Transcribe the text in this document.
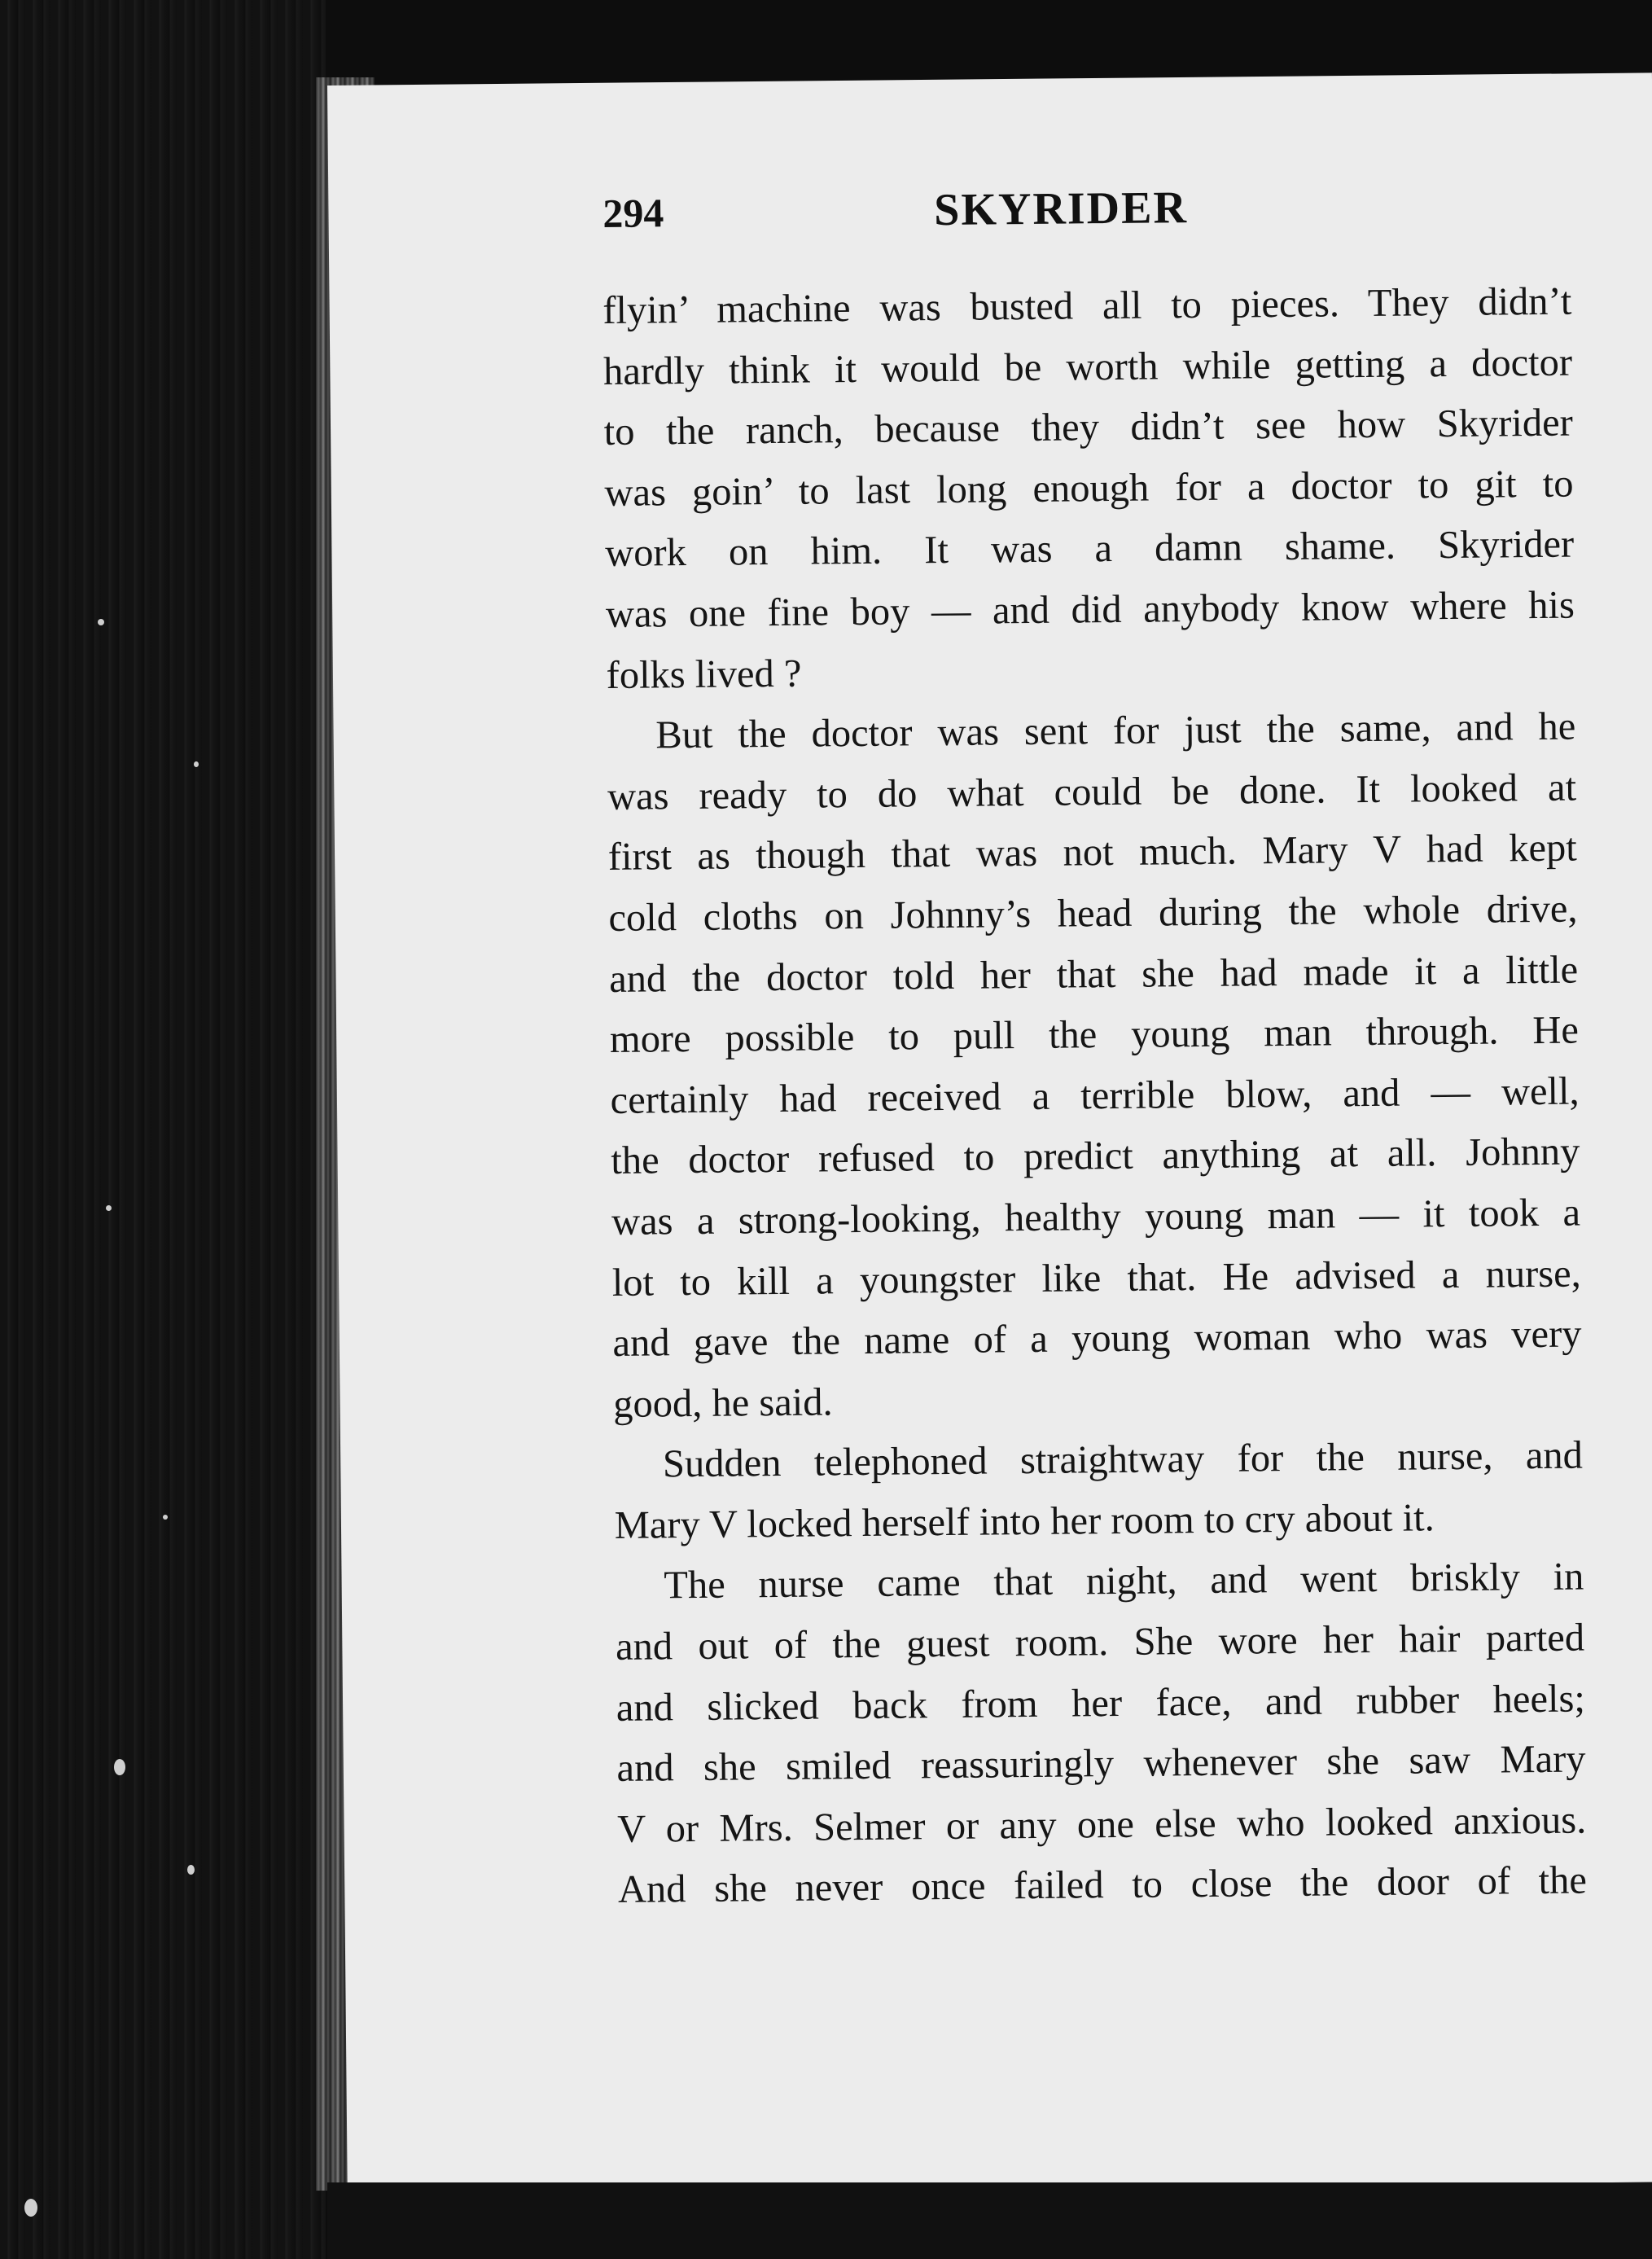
294	SKYRIDER
flyin’ machine was busted all to pieces. They didn’t
hardly think it would be worth while getting a doctor
to the ranch, because they didn’t see how Skyrider
was goin’ to last long enough for a doctor to git to
work on him. It was a damn shame. Skyrider
was one fine boy — and did anybody know where his
folks lived ?
But the doctor was sent for just the same, and he
was ready to do what could be done. It looked at
first as though that was not much. Mary V had kept
cold cloths on Johnny’s head during the whole drive,
and the doctor told her that she had made it a little
more possible to pull the young man through. He
certainly had received a terrible blow, and — well,
the doctor refused to predict anything at all. Johnny
was a strong-looking, healthy young man — it took a
lot to kill a youngster like that. He advised a nurse,
and gave the name of a young woman who was very
good, he said.
Sudden telephoned straightway for the nurse, and
Mary V locked herself into her room to cry about it.
The nurse came that night, and went briskly in
and out of the guest room. She wore her hair parted
and slicked back from her face, and rubber heels;
and she smiled reassuringly whenever she saw Mary
V or Mrs. Selmer or any one else who looked anxious.
And she never once failed to close the door of the
